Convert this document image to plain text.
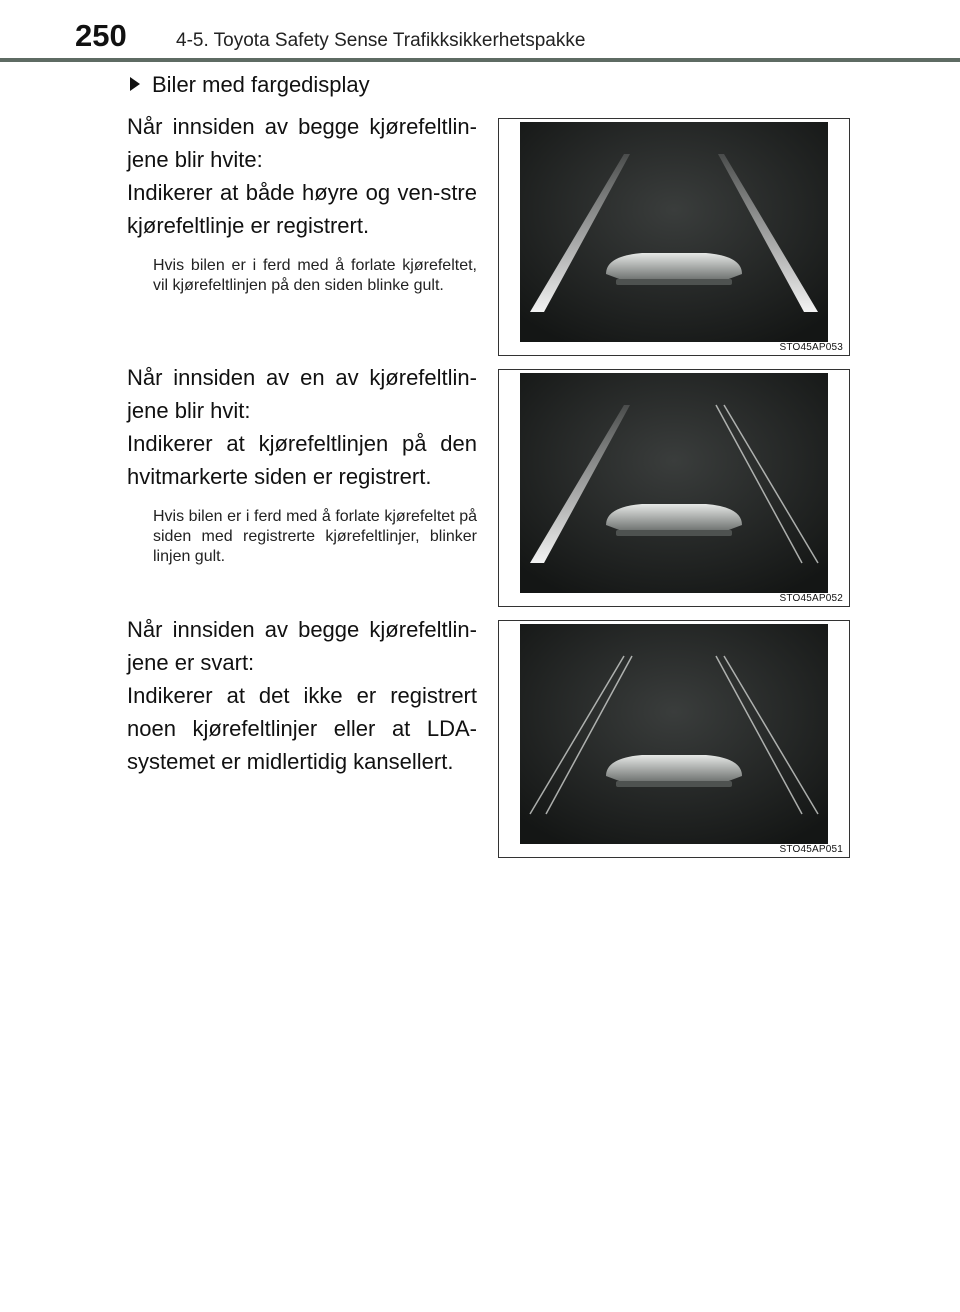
250	4-5. Toyota Safety Sense Trafikksikkerhetspakke
Biler med fargedisplay

Når innsiden av begge kjørefeltlin-jene blir hvite:

Indikerer at både høyre og ven-stre kjørefeltlinje er registrert.

Hvis bilen er i ferd med å forlate kjørefeltet, vil kjørefeltlinjen på den siden blinke gult.

Når innsiden av en av kjørefeltlin-jene blir hvit:

Indikerer at kjørefeltlinjen på den hvitmarkerte siden er registrert.

Hvis bilen er i ferd med å forlate kjørefeltet på siden med registrerte kjørefeltlinjer, blinker linjen gult.

Når innsiden av begge kjørefeltlin-jene er svart:

Indikerer at det ikke er registrert noen kjørefeltlinjer eller at LDA-systemet er midlertidig kansellert.

STO45AP053
STO45AP052
STO45AP051
